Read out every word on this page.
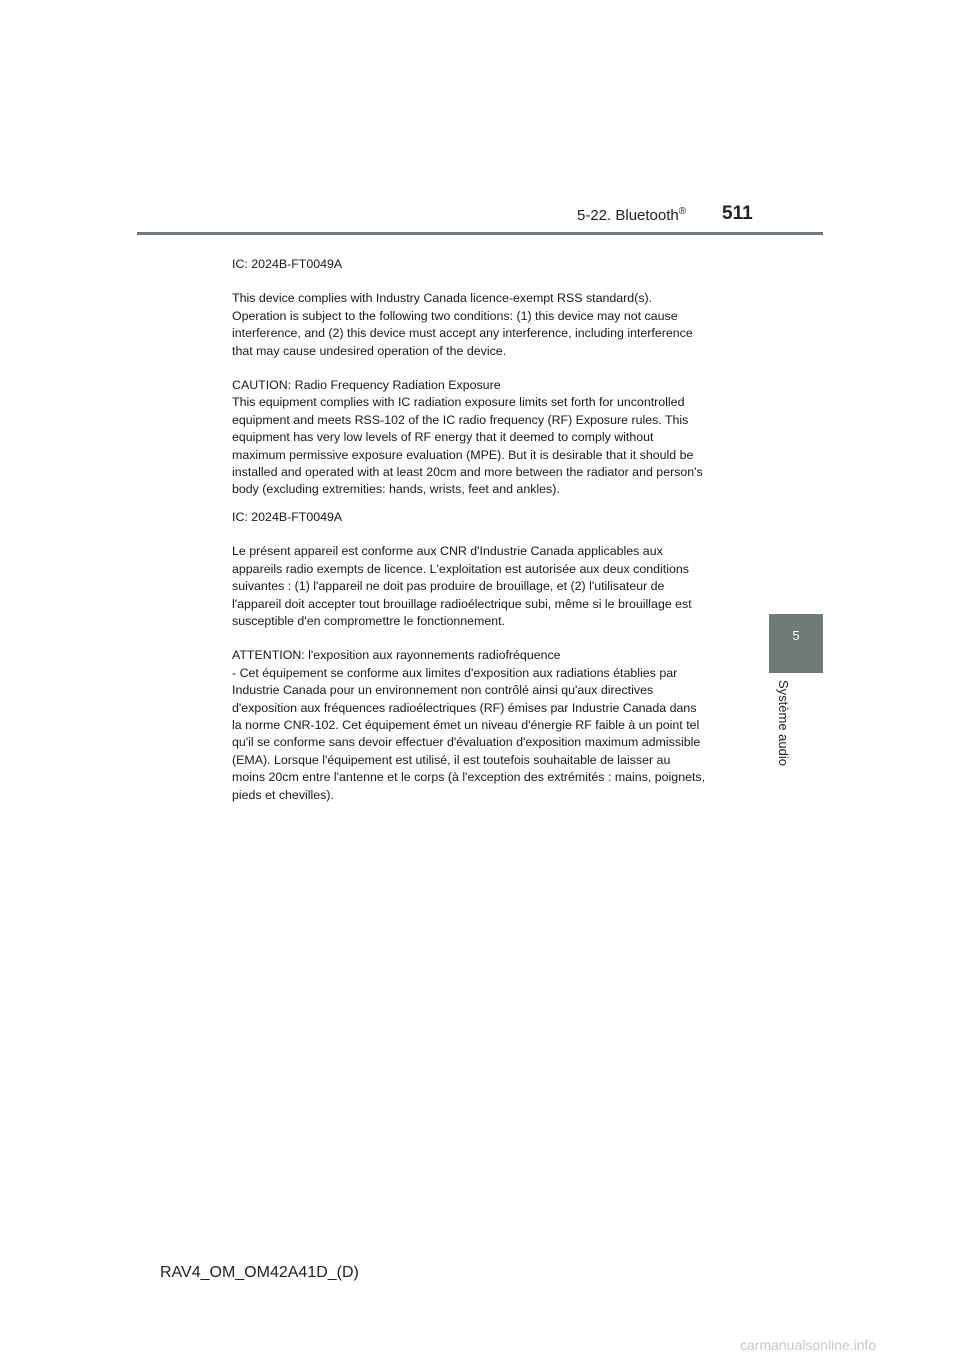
5-22. Bluetooth® 511
5
Système audio
IC: 2024B-FT0049A
This device complies with Industry Canada licence-exempt RSS standard(s).
Operation is subject to the following two conditions: (1) this device may not cause
interference, and (2) this device must accept any interference, including interference
that may cause undesired operation of the device.
CAUTION: Radio Frequency Radiation Exposure
This equipment complies with IC radiation exposure limits set forth for uncontrolled
equipment and meets RSS-102 of the IC radio frequency (RF) Exposure rules. This
equipment has very low levels of RF energy that it deemed to comply without
maximum permissive exposure evaluation (MPE). But it is desirable that it should be
installed and operated with at least 20cm and more between the radiator and person's
body (excluding extremities: hands, wrists, feet and ankles).
IC: 2024B-FT0049A
Le présent appareil est conforme aux CNR d'Industrie Canada applicables aux
appareils radio exempts de licence. L'exploitation est autorisée aux deux conditions
suivantes : (1) l'appareil ne doit pas produire de brouillage, et (2) l'utilisateur de
l'appareil doit accepter tout brouillage radioélectrique subi, même si le brouillage est
susceptible d'en compromettre le fonctionnement.
ATTENTION: l'exposition aux rayonnements radiofréquence
- Cet équipement se conforme aux limites d'exposition aux radiations établies par
Industrie Canada pour un environnement non contrôlé ainsi qu'aux directives
d'exposition aux fréquences radioélectriques (RF) émises par Industrie Canada dans
la norme CNR-102. Cet équipement émet un niveau d'énergie RF faible à un point tel
qu'il se conforme sans devoir effectuer d'évaluation d'exposition maximum admissible
(EMA). Lorsque l'équipement est utilisé, il est toutefois souhaitable de laisser au
moins 20cm entre l'antenne et le corps (à l'exception des extrémités : mains, poignets,
pieds et chevilles).
RAV4_OM_OM42A41D_(D)
carmanualsonline.info
